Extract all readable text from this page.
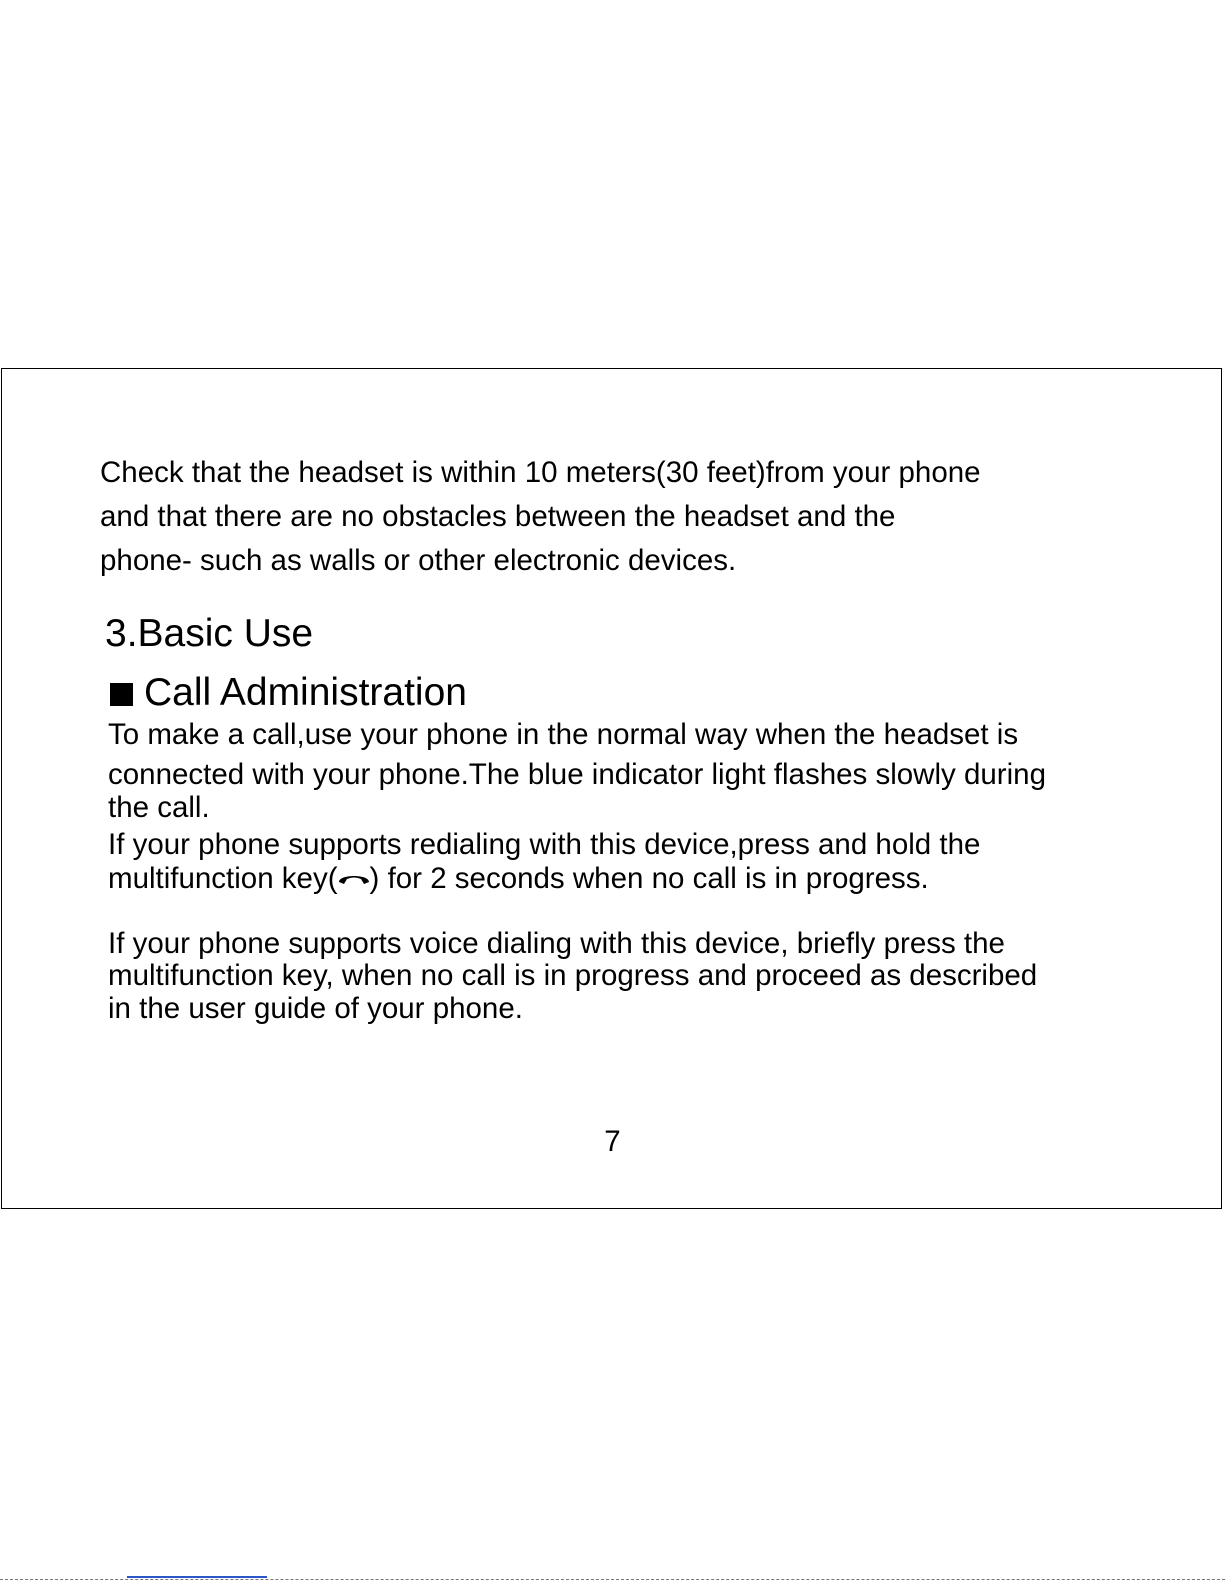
Check that the headset is within 10 meters(30 feet)from your phone

and that there are no obstacles between the headset and the

phone- such as walls or other electronic devices.

3.Basic Use
Call Administration

To make a call,use your phone in the normal way when the headset is

connected with your phone.The blue indicator light flashes slowly during

the call.

If your phone supports redialing with this device,press and hold the

multifunction key( ) for 2 seconds when no call is in progress.

If your phone supports voice dialing with this device, briefly press the

multifunction key, when no call is in progress and proceed as described

in the user guide of your phone.

7
